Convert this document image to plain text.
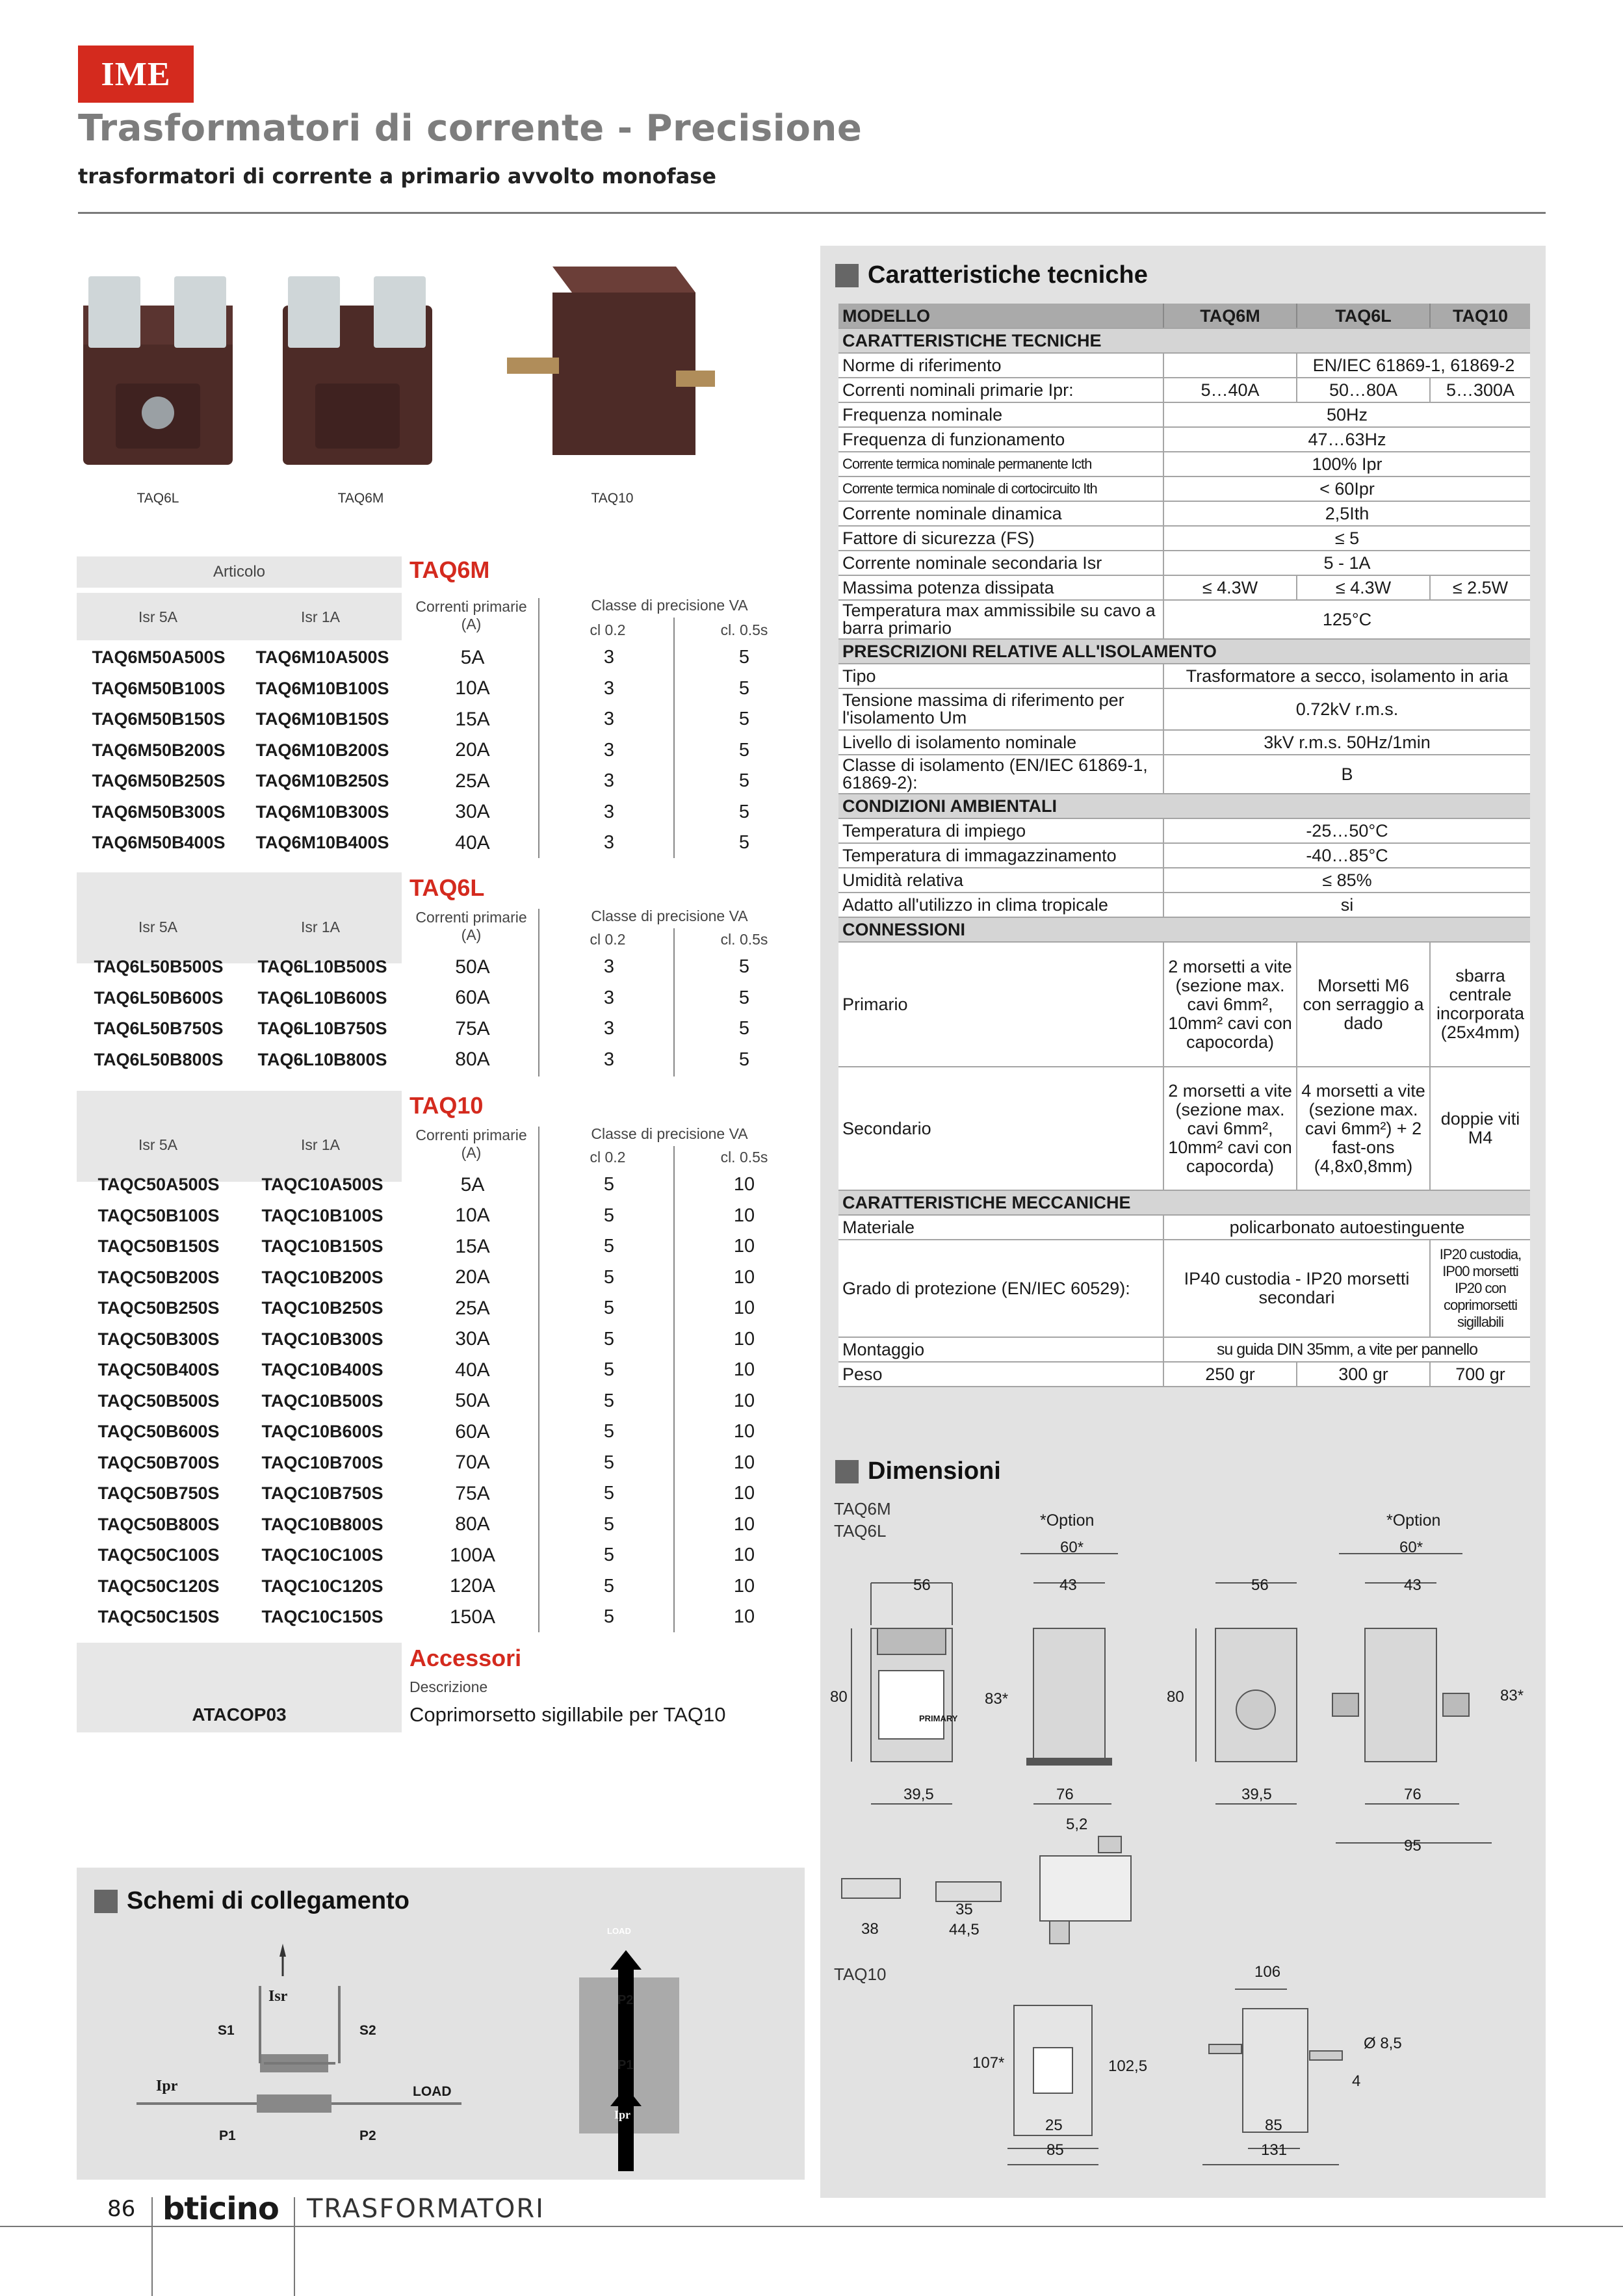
IME
Trasformatori di corrente - Precisione
trasformatori di corrente a primario avvolto monofase
TAQ6L	TAQ6M	TAQ10
Articolo	TAQ6M
Isr 5A	Isr 1A
Correnti primarie (A)
Classe di precisione VA
cl 0.2	cl. 0.5s
TAQ6M50A500S	TAQ6M10A500S	5A	3	5
TAQ6M50B100S	TAQ6M10B100S	10A	3	5
TAQ6M50B150S	TAQ6M10B150S	15A	3	5
TAQ6M50B200S	TAQ6M10B200S	20A	3	5
TAQ6M50B250S	TAQ6M10B250S	25A	3	5
TAQ6M50B300S	TAQ6M10B300S	30A	3	5
TAQ6M50B400S	TAQ6M10B400S	40A	3	5
TAQ6L
Isr 5A	Isr 1A
Correnti primarie (A)
Classe di precisione VA
cl 0.2	cl. 0.5s
TAQ6L50B500S	TAQ6L10B500S	50A	3	5
TAQ6L50B600S	TAQ6L10B600S	60A	3	5
TAQ6L50B750S	TAQ6L10B750S	75A	3	5
TAQ6L50B800S	TAQ6L10B800S	80A	3	5
TAQ10
Isr 5A	Isr 1A
Correnti primarie (A)
Classe di precisione VA
cl 0.2	cl. 0.5s
TAQC50A500S	TAQC10A500S	5A	5	10
TAQC50B100S	TAQC10B100S	10A	5	10
TAQC50B150S	TAQC10B150S	15A	5	10
TAQC50B200S	TAQC10B200S	20A	5	10
TAQC50B250S	TAQC10B250S	25A	5	10
TAQC50B300S	TAQC10B300S	30A	5	10
TAQC50B400S	TAQC10B400S	40A	5	10
TAQC50B500S	TAQC10B500S	50A	5	10
TAQC50B600S	TAQC10B600S	60A	5	10
TAQC50B700S	TAQC10B700S	70A	5	10
TAQC50B750S	TAQC10B750S	75A	5	10
TAQC50B800S	TAQC10B800S	80A	5	10
TAQC50C100S	TAQC10C100S	100A	5	10
TAQC50C120S	TAQC10C120S	120A	5	10
TAQC50C150S	TAQC10C150S	150A	5	10
Accessori
Descrizione
ATACOP03	Coprimorsetto sigillabile per TAQ10
Schemi di collegamento
Isr
S1	S2
Ipr	LOAD
P1	P2
LOAD
P2
P1
Ipr
Caratteristiche tecniche
MODELLO	TAQ6M	TAQ6L	TAQ10
CARATTERISTICHE TECNICHE			
Norme di riferimento		EN/IEC 61869-1, 61869-2	
Correnti nominali primarie Ipr:	5…40A	50…80A	5…300A
Frequenza nominale	50Hz		
Frequenza di funzionamento	47…63Hz		
Corrente termica nominale permanente Icth	100% Ipr		
Corrente termica nominale di cortocircuito Ith	< 60Ipr		
Corrente nominale dinamica	2,5Ith		
Fattore di sicurezza (FS)	≤ 5		
Corrente nominale secondaria Isr	5 - 1A		
Massima potenza dissipata	≤ 4.3W	≤ 4.3W	≤ 2.5W
Temperatura max ammissibile su cavo a barra primario	125°C		
PRESCRIZIONI RELATIVE ALL'ISOLAMENTO			
Tipo	Trasformatore a secco, isolamento in aria		
Tensione massima di riferimento per l'isolamento Um	0.72kV r.m.s.		
Livello di isolamento nominale	3kV r.m.s. 50Hz/1min		
Classe di isolamento (EN/IEC 61869-1, 61869-2):	B		
CONDIZIONI AMBIENTALI			
Temperatura di impiego	-25…50°C		
Temperatura di immagazzinamento	-40…85°C		
Umidità relativa	≤ 85%		
Adatto all'utilizzo in clima tropicale	si		
CONNESSIONI			
Primario	2 morsetti a vite (sezione max. cavi 6mm², 10mm² cavi con capocorda)	Morsetti M6 con serraggio a dado	sbarra centrale incorporata (25x4mm)
Secondario	2 morsetti a vite (sezione max. cavi 6mm², 10mm² cavi con capocorda)	4 morsetti a vite (sezione max. cavi 6mm²) + 2 fast-ons (4,8x0,8mm)	doppie viti M4
CARATTERISTICHE MECCANICHE			
Materiale	policarbonato autoestinguente		
Grado di protezione (EN/IEC 60529):	IP40 custodia - IP20 morsetti secondari		IP20 custodia, IP00 morsetti IP20 con coprimorsetti sigillabili
Montaggio	su guida DIN 35mm, a vite per pannello		
Peso	250 gr	300 gr	700 gr
Dimensioni
TAQ6M
TAQ6L
*Option	*Option
60*	60*
56	43	56	43
80	80
83*	83*
39,5	76	39,5	76
95
PRIMARY
5,2
38
35
44,5
TAQ10	106
Ø 8,5
4
107*	102,5
25
85
85
131
86 bticino TRASFORMATORI
